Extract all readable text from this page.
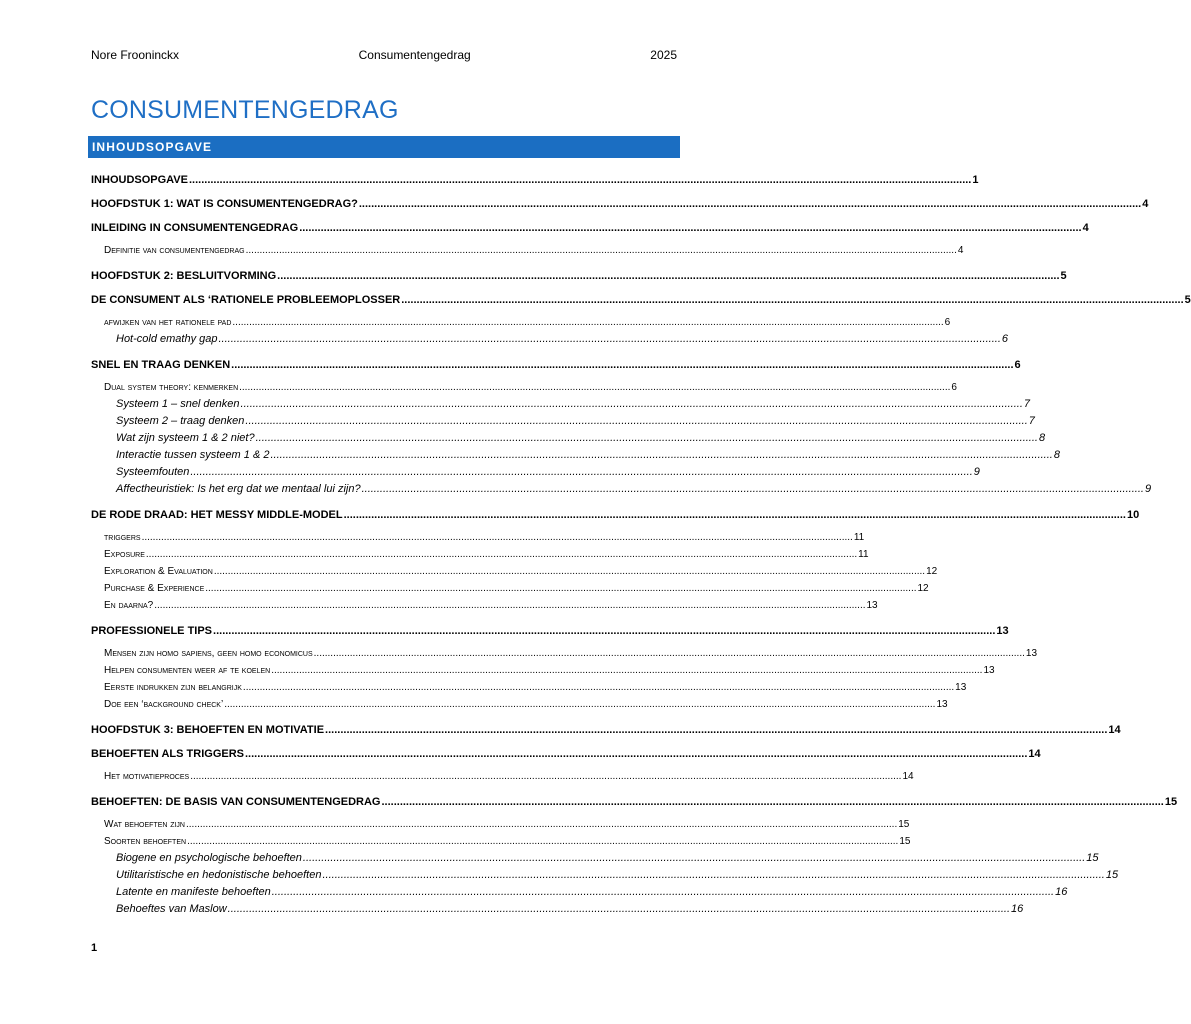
Nore Frooninckx	Consumentengedrag	2025
CONSUMENTENGEDRAG
INHOUDSOPGAVE
INHOUDSOPGAVE .....	1
HOOFDSTUK 1: WAT IS CONSUMENTENGEDRAG? .....	4
INLEIDING IN CONSUMENTENGEDRAG .....	4
Definitie van consumentengedrag .....	4
HOOFDSTUK 2: BESLUITVORMING .....	5
DE CONSUMENT ALS ‘RATIONELE PROBLEEMOPLOSSER .....	5
afwijken van het rationele pad .....	6
Hot-cold emathy gap .....	6
SNEL EN TRAAG DENKEN .....	6
Dual system theory: kenmerken .....	6
Systeem 1 – snel denken .....	7
Systeem 2 – traag denken .....	7
Wat zijn systeem 1 & 2 niet? .....	8
Interactie tussen systeem 1 & 2 .....	8
Systeemfouten .....	9
Affectheuristiek: Is het erg dat we mentaal lui zijn? .....	9
DE RODE DRAAD: HET MESSY MIDDLE-MODEL .....	10
triggers .....	11
Exposure .....	11
Exploration & Evaluation .....	12
Purchase & Experience .....	12
En daarna? .....	13
PROFESSIONELE TIPS .....	13
Mensen zijn homo sapiens, geen homo economicus .....	13
Helpen consumenten weer af te koelen .....	13
Eerste indrukken zijn belangrijk .....	13
Doe een ‘background check’ .....	13
HOOFDSTUK 3: BEHOEFTEN EN MOTIVATIE .....	14
BEHOEFTEN ALS TRIGGERS .....	14
Het motivatieproces .....	14
BEHOEFTEN: DE BASIS VAN CONSUMENTENGEDRAG .....	15
Wat behoeften zijn .....	15
Soorten behoeften .....	15
Biogene en psychologische behoeften .....	15
Utilitaristische en hedonistische behoeften .....	15
Latente en manifeste behoeften .....	16
Behoeftes van Maslow .....	16
1
